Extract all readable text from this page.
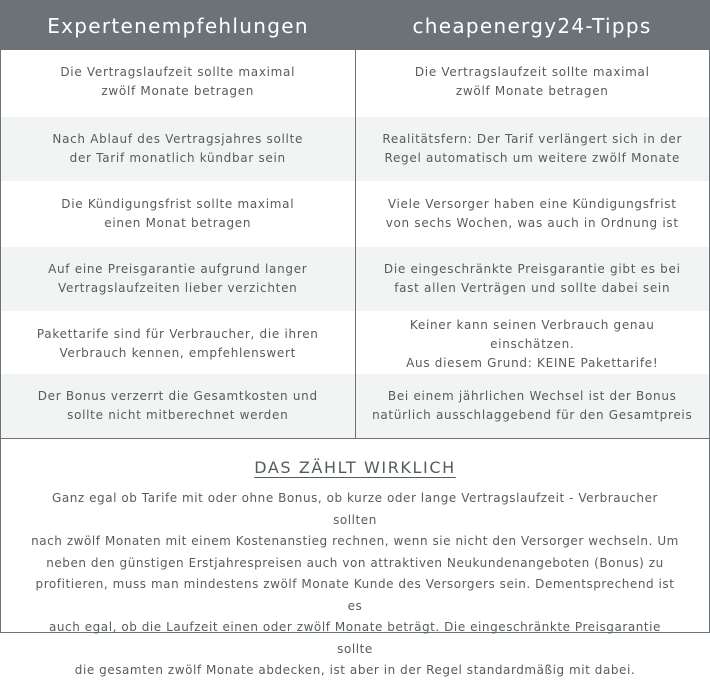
Expertenempfehlungen	cheapenergy24-Tipps
Die Vertragslaufzeit sollte maximal
zwölf Monate betragen
Die Vertragslaufzeit sollte maximal
zwölf Monate betragen
Nach Ablauf des Vertragsjahres sollte
der Tarif monatlich kündbar sein
Realitätsfern: Der Tarif verlängert sich in der
Regel automatisch um weitere zwölf Monate
Die Kündigungsfrist sollte maximal
einen Monat betragen
Viele Versorger haben eine Kündigungsfrist
von sechs Wochen, was auch in Ordnung ist
Auf eine Preisgarantie aufgrund langer
Vertragslaufzeiten lieber verzichten
Die eingeschränkte Preisgarantie gibt es bei
fast allen Verträgen und sollte dabei sein
Pakettarife sind für Verbraucher, die ihren
Verbrauch kennen, empfehlenswert
Keiner kann seinen Verbrauch genau einschätzen.
Aus diesem Grund: KEINE Pakettarife!
Der Bonus verzerrt die Gesamtkosten und
sollte nicht mitberechnet werden
Bei einem jährlichen Wechsel ist der Bonus
natürlich ausschlaggebend für den Gesamtpreis
DAS ZÄHLT WIRKLICH
Ganz egal ob Tarife mit oder ohne Bonus, ob kurze oder lange Vertragslaufzeit - Verbraucher sollten
nach zwölf Monaten mit einem Kostenanstieg rechnen, wenn sie nicht den Versorger wechseln. Um
neben den günstigen Erstjahrespreisen auch von attraktiven Neukundenangeboten (Bonus) zu
profitieren, muss man mindestens zwölf Monate Kunde des Versorgers sein. Dementsprechend ist es
auch egal, ob die Laufzeit einen oder zwölf Monate beträgt. Die eingeschränkte Preisgarantie sollte
die gesamten zwölf Monate abdecken, ist aber in der Regel standardmäßig mit dabei.
